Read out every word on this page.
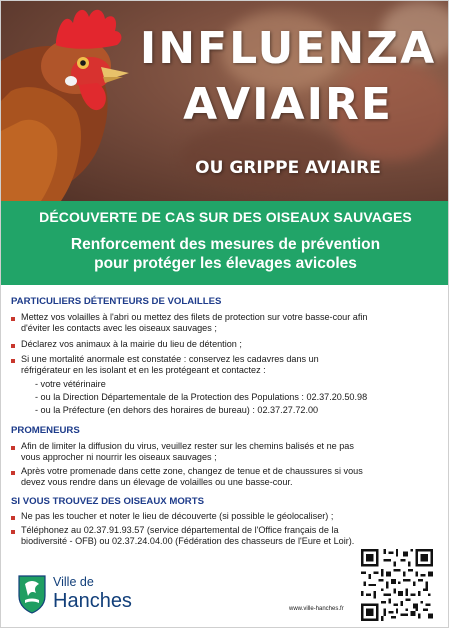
INFLUENZA
AVIAIRE
OU GRIPPE AVIAIRE
DÉCOUVERTE DE CAS SUR DES OISEAUX SAUVAGES
Renforcement des mesures de prévention
pour protéger les élevages avicoles
PARTICULIERS DÉTENTEURS DE VOLAILLES
Mettez vos volailles à l'abri ou mettez des filets de protection sur votre basse-cour afin
d'éviter les contacts avec les oiseaux sauvages ;
Déclarez vos animaux à la mairie du lieu de détention ;
Si une mortalité anormale est constatée : conservez les cadavres dans un
réfrigérateur en les isolant et en les protégeant et contactez :
- votre vétérinaire
- ou la Direction Départementale de la Protection des Populations : 02.37.20.50.98
- ou la Préfecture (en dehors des horaires de bureau) : 02.37.27.72.00
PROMENEURS
Afin de limiter la diffusion du virus, veuillez rester sur les chemins balisés et ne pas
vous approcher ni nourrir les oiseaux sauvages ;
Après votre promenade dans cette zone, changez de tenue et de chaussures si vous
devez vous rendre dans un élevage de volailles ou une basse-cour.
SI VOUS TROUVEZ DES OISEAUX MORTS
Ne pas les toucher et noter le lieu de découverte (si possible le géolocaliser) ;
Téléphonez au 02.37.91.93.57 (service départemental de l'Office français de la
biodiversité - OFB) ou 02.37.24.04.00 (Fédération des chasseurs de l'Eure et Loir).
Ville de
Hanches	www.ville-hanches.fr
